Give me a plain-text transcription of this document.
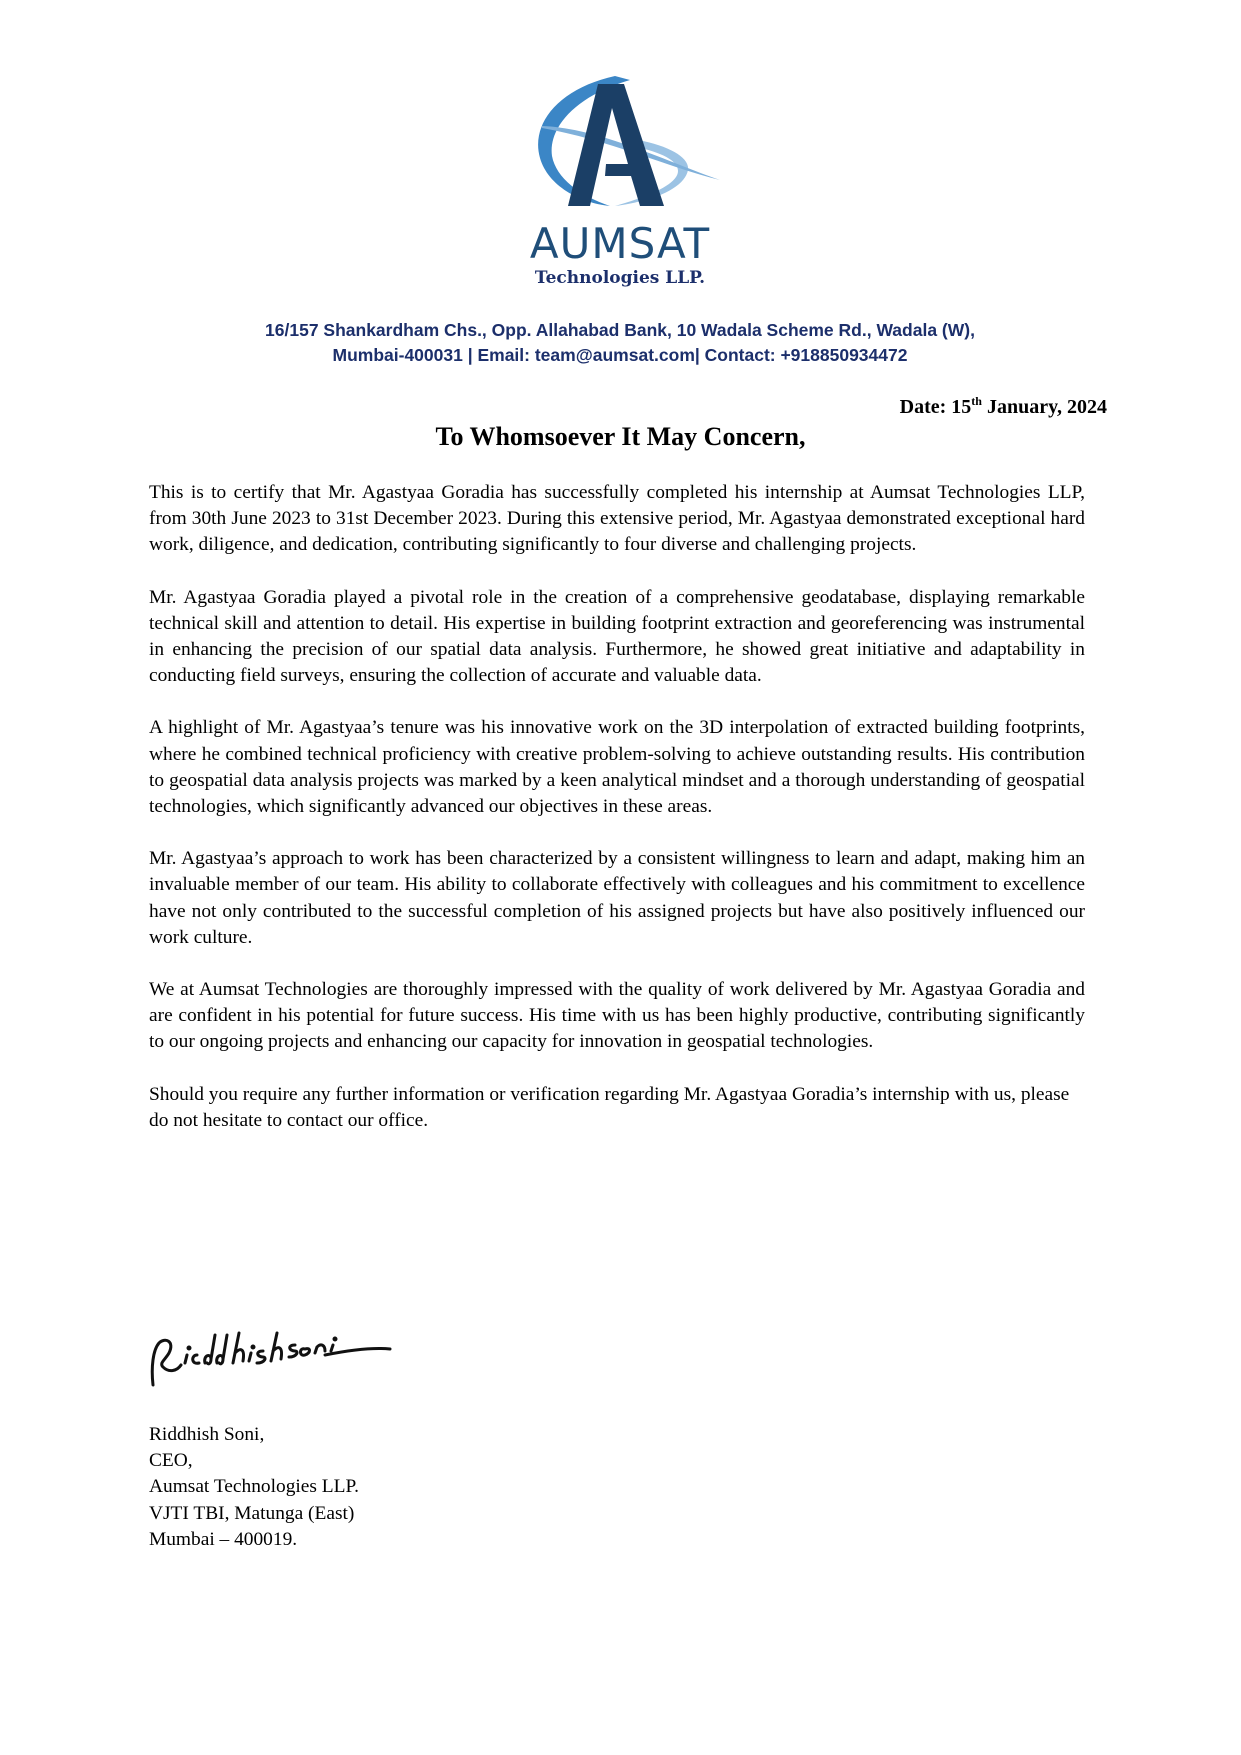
AUMSAT
Technologies LLP.
16/157 Shankardham Chs., Opp. Allahabad Bank, 10 Wadala Scheme Rd., Wadala (W),
Mumbai-400031 | Email: team@aumsat.com| Contact: +918850934472
Date: 15th January, 2024
To Whomsoever It May Concern,

This is to certify that Mr. Agastyaa Goradia has successfully completed his internship at Aumsat Technologies LLP, from 30th June 2023 to 31st December 2023. During this extensive period, Mr. Agastyaa demonstrated exceptional hard work, diligence, and dedication, contributing significantly to four diverse and challenging projects.

Mr. Agastyaa Goradia played a pivotal role in the creation of a comprehensive geodatabase, displaying remarkable technical skill and attention to detail. His expertise in building footprint extraction and georeferencing was instrumental in enhancing the precision of our spatial data analysis. Furthermore, he showed great initiative and adaptability in conducting field surveys, ensuring the collection of accurate and valuable data.

A highlight of Mr. Agastyaa’s tenure was his innovative work on the 3D interpolation of extracted building footprints, where he combined technical proficiency with creative problem-solving to achieve outstanding results. His contribution to geospatial data analysis projects was marked by a keen analytical mindset and a thorough understanding of geospatial technologies, which significantly advanced our objectives in these areas.

Mr. Agastyaa’s approach to work has been characterized by a consistent willingness to learn and adapt, making him an invaluable member of our team. His ability to collaborate effectively with colleagues and his commitment to excellence have not only contributed to the successful completion of his assigned projects but have also positively influenced our work culture.

We at Aumsat Technologies are thoroughly impressed with the quality of work delivered by Mr. Agastyaa Goradia and are confident in his potential for future success. His time with us has been highly productive, contributing significantly to our ongoing projects and enhancing our capacity for innovation in geospatial technologies.

Should you require any further information or verification regarding Mr. Agastyaa Goradia’s internship with us, please do not hesitate to contact our office.

Riddhish Soni,
CEO,
Aumsat Technologies LLP.
VJTI TBI, Matunga (East)
Mumbai – 400019.
